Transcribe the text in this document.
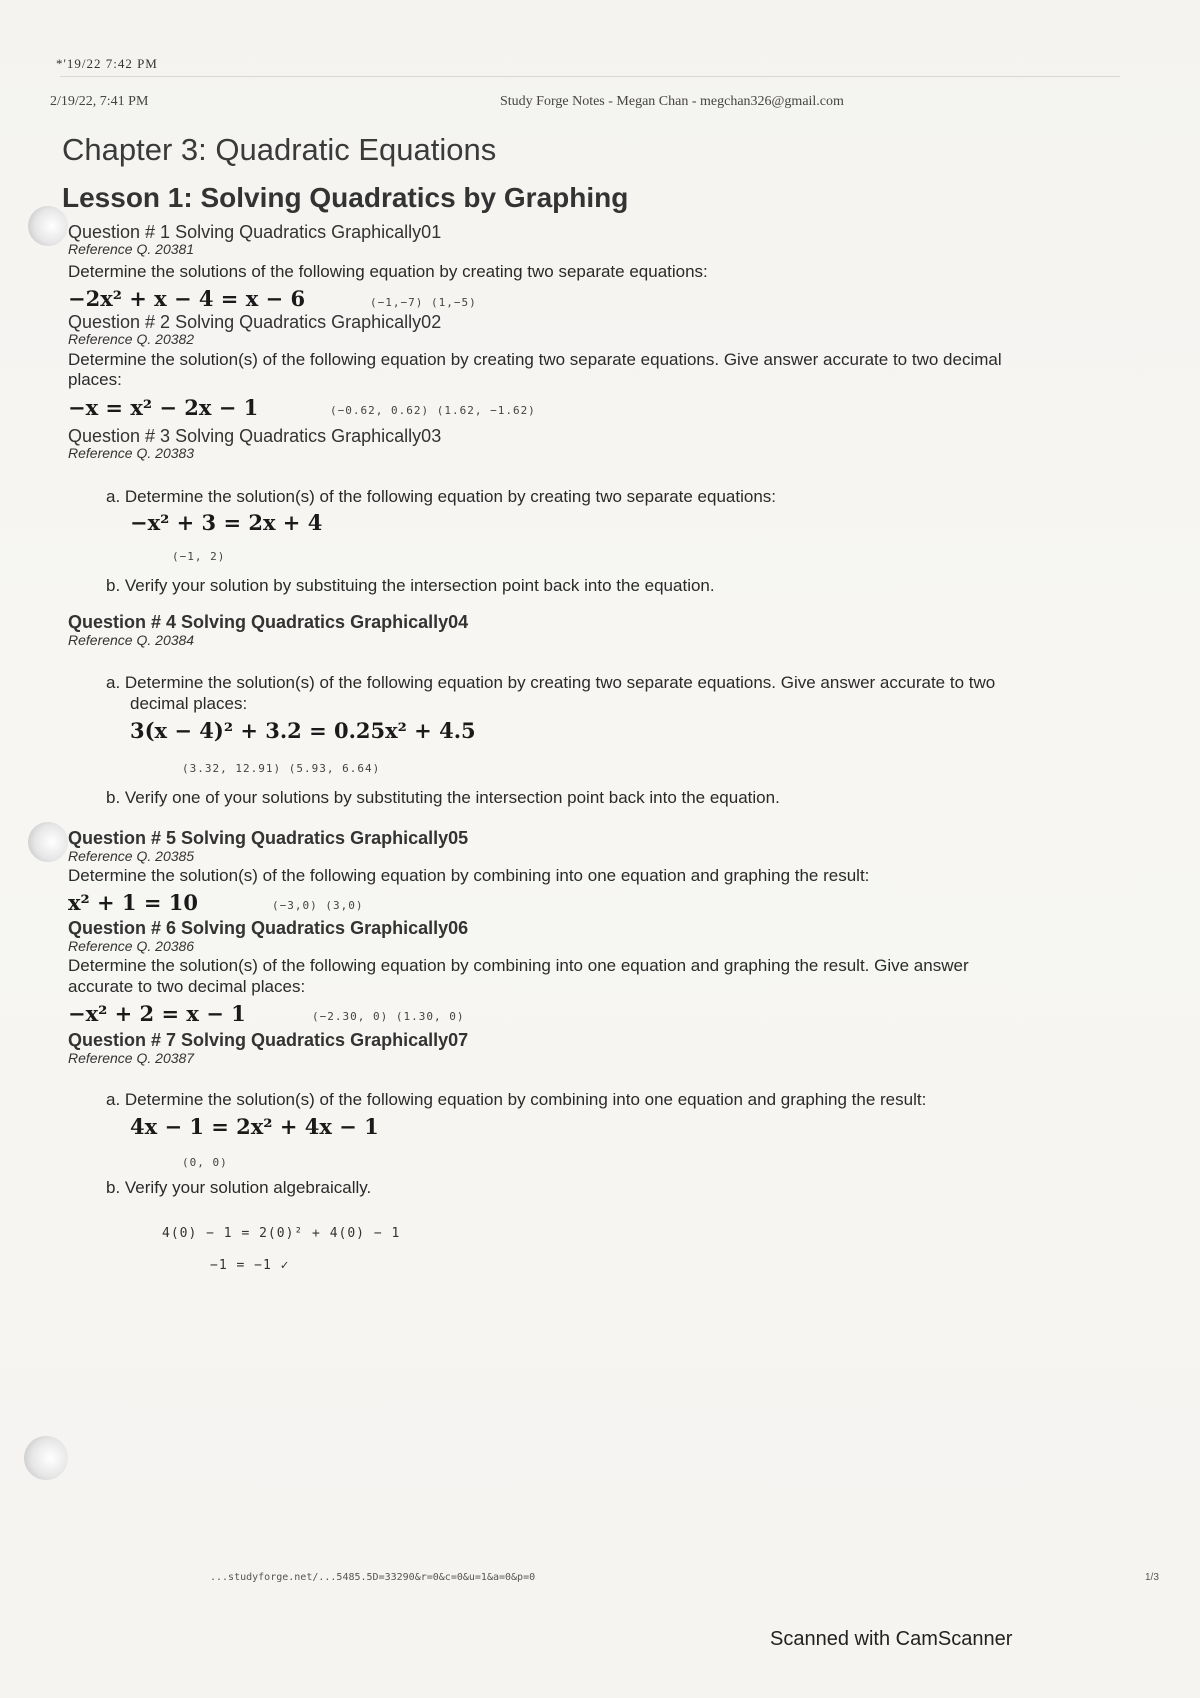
*'19/22 7:42 PM
2/19/22, 7:41 PM	Study Forge Notes - Megan Chan - megchan326@gmail.com
Chapter 3: Quadratic Equations
Lesson 1: Solving Quadratics by Graphing
Question # 1 Solving Quadratics Graphically01
Reference Q. 20381
Determine the solutions of the following equation by creating two separate equations:
−2x² + x − 4 = x − 6	(−1,−7) (1,−5)
Question # 2 Solving Quadratics Graphically02
Reference Q. 20382
Determine the solution(s) of the following equation by creating two separate equations. Give answer accurate to two decimal
places:
−x = x² − 2x − 1	(−0.62, 0.62) (1.62, −1.62)
Question # 3 Solving Quadratics Graphically03
Reference Q. 20383
a. Determine the solution(s) of the following equation by creating two separate equations:
−x² + 3 = 2x + 4
(−1, 2)
b. Verify your solution by substituing the intersection point back into the equation.
Question # 4 Solving Quadratics Graphically04
Reference Q. 20384
a. Determine the solution(s) of the following equation by creating two separate equations. Give answer accurate to two
decimal places:
3(x − 4)² + 3.2 = 0.25x² + 4.5
(3.32, 12.91) (5.93, 6.64)
b. Verify one of your solutions by substituting the intersection point back into the equation.
Question # 5 Solving Quadratics Graphically05
Reference Q. 20385
Determine the solution(s) of the following equation by combining into one equation and graphing the result:
x² + 1 = 10	(−3,0) (3,0)
Question # 6 Solving Quadratics Graphically06
Reference Q. 20386
Determine the solution(s) of the following equation by combining into one equation and graphing the result. Give answer
accurate to two decimal places:
−x² + 2 = x − 1	(−2.30, 0) (1.30, 0)
Question # 7 Solving Quadratics Graphically07
Reference Q. 20387
a. Determine the solution(s) of the following equation by combining into one equation and graphing the result:
4x − 1 = 2x² + 4x − 1
(0, 0)
b. Verify your solution algebraically.
4(0) − 1 = 2(0)² + 4(0) − 1
−1 = −1 ✓
...studyforge.net/...5485.5D=33290&r=0&c=0&u=1&a=0&p=0	1/3
Scanned with CamScanner
